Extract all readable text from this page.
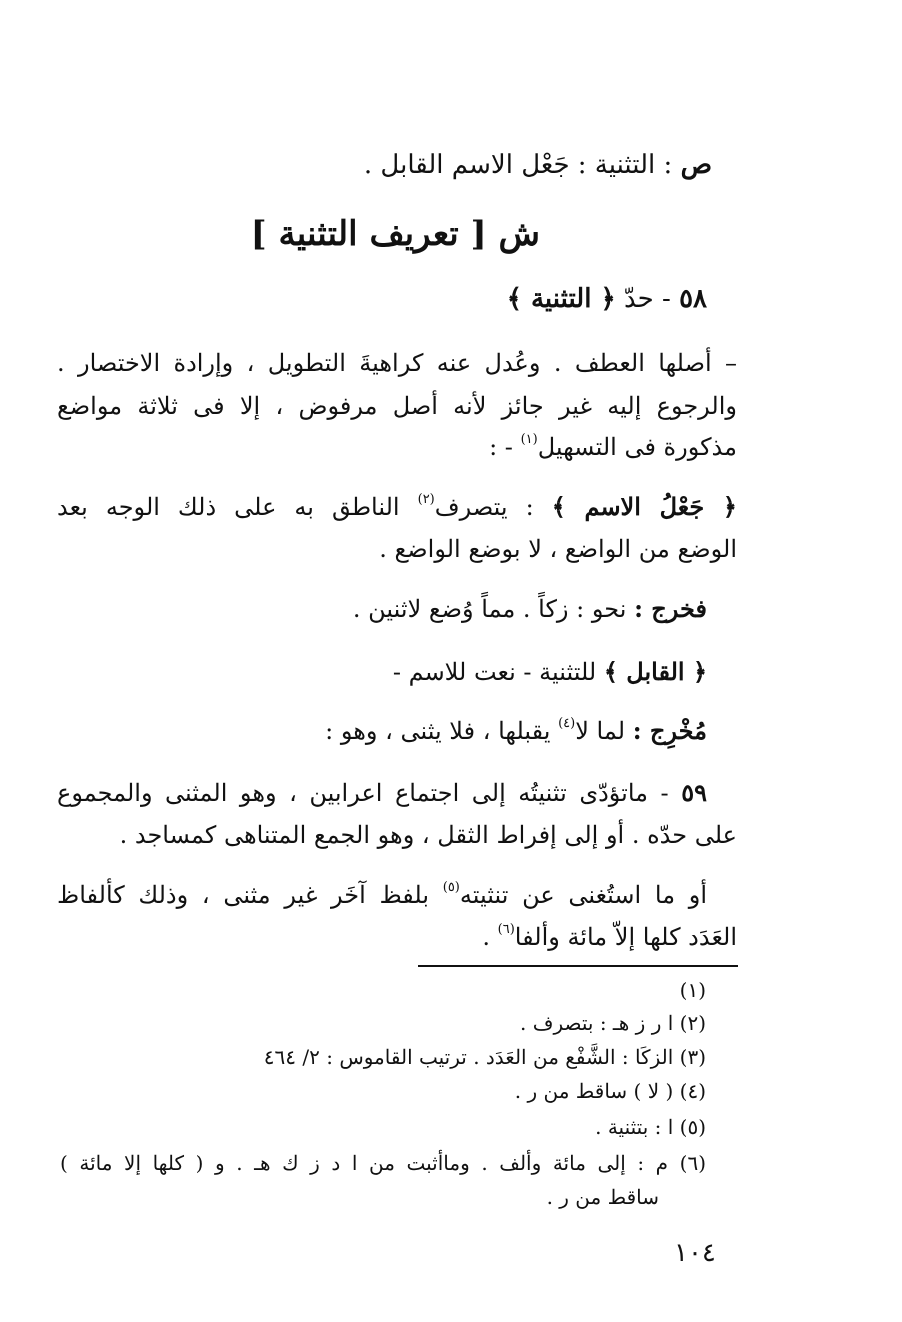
ص : التثنية : جَعْل الاسم القابل .
ش [ تعريف التثنية ]
٥٨ - حدّ ﴿ التثنية ﴾
– أصلها العطف . وعُدل عنه كراهيةَ التطويل ، وإرادة الاختصار .
والرجوع إليه غير جائز لأنه أصل مرفوض ، إلا فى ثلاثة مواضع
مذكورة فى التسهيل$^{(١)}$ - :
﴿ جَعْلُ الاسم ﴾ : يتصرف$^{(٢)}$ الناطق به على ذلك الوجه بعد
الوضع من الواضع ، لا بوضع الواضع .
فخرج : نحو : زكاً . مماً وُضع لاثنين .
﴿ القابل ﴾ للتثنية - نعت للاسم -
مُخْرِج : لما لا$^{(٤)}$ يقبلها ، فلا يثنى ، وهو :
٥٩ - ماتؤدّى تثنيتُه إلى اجتماع اعرابين ، وهو المثنى والمجموع
على حدّه . أو إلى إفراط الثقل ، وهو الجمع المتناهى كمساجد .
أو ما استُغنى عن تنثيته$^{(٥)}$ بلفظ آخَر غير مثنى ، وذلك كألفاظ
العَدَد كلها إلاّ مائة وألفا$^{(٦)}$ .
(١)
(٢) ا ر ز هـ : بتصرف .
(٣) الزكَا : الشَّفْع من العَدَد . ترتيب القاموس : ٢/ ٤٦٤
(٤) ( لا ) ساقط من ر .
(٥) ا : بتثنية .
(٦) م : إلى مائة وألف . وماأثبت من ا د ز ك هـ . و ( كلها إلا مائة )
ساقط من ر .
١٠٤
